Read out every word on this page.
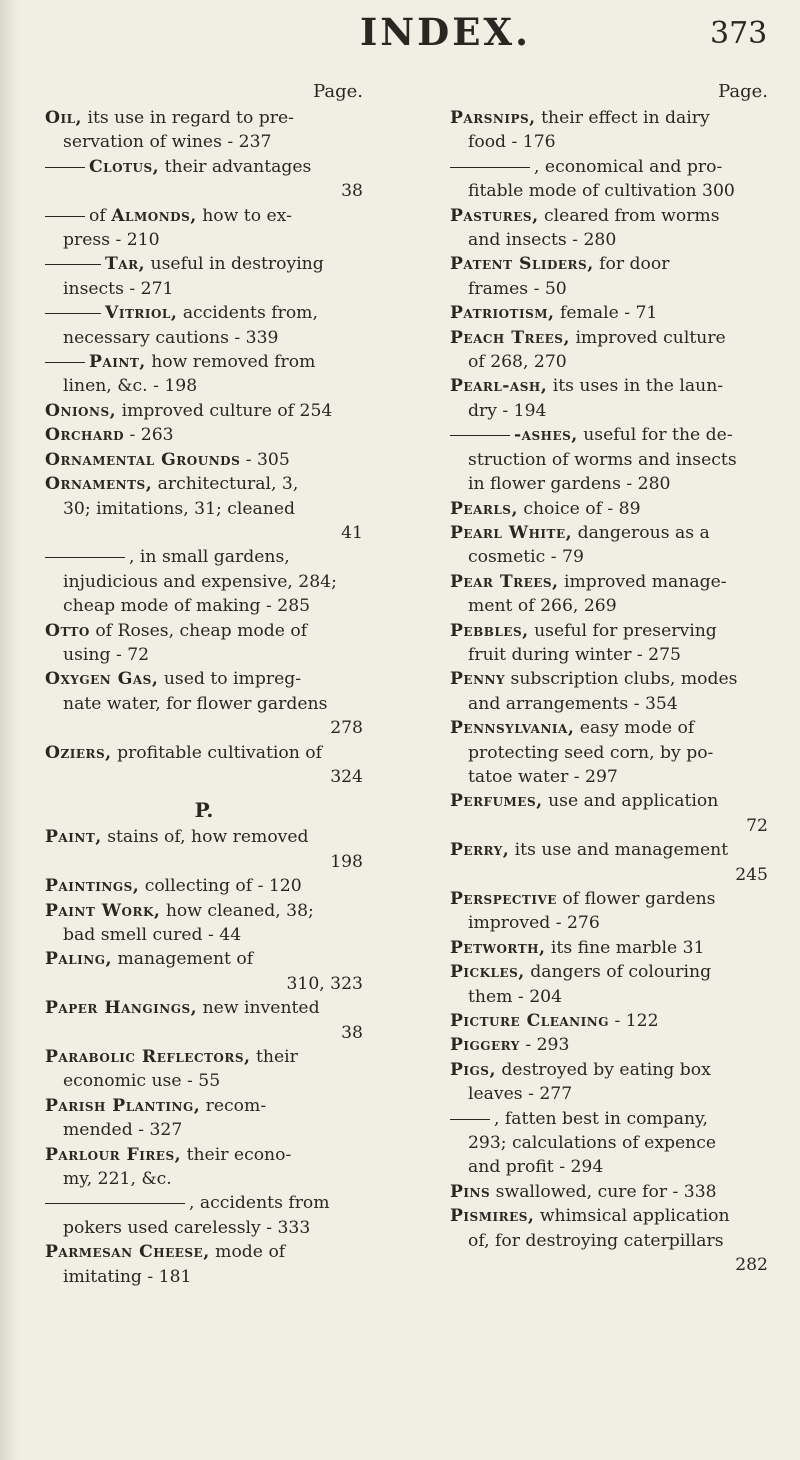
INDEX.	373
Page.
Oil, its use in regard to pre-
servation of wines - 237
Clotus, their advantages
38
of Almonds, how to ex-
press - 210
Tar, useful in destroying
insects - 271
Vitriol, accidents from,
necessary cautions - 339
Paint, how removed from
linen, &c. - 198
Onions, improved culture of 254
Orchard - 263
Ornamental Grounds - 305
Ornaments, architectural, 3,
30; imitations, 31; cleaned
41
, in small gardens,
injudicious and expensive, 284;
cheap mode of making - 285
Otto of Roses, cheap mode of
using - 72
Oxygen Gas, used to impreg-
nate water, for flower gardens
278
Oziers, profitable cultivation of
324
P.
Paint, stains of, how removed
198
Paintings, collecting of - 120
Paint Work, how cleaned, 38;
bad smell cured - 44
Paling, management of
310, 323
Paper Hangings, new invented
38
Parabolic Reflectors, their
economic use - 55
Parish Planting, recom-
mended - 327
Parlour Fires, their econo-
my, 221, &c.
, accidents from
pokers used carelessly - 333
Parmesan Cheese, mode of
imitating - 181
Page.
Parsnips, their effect in dairy
food - 176
, economical and pro-
fitable mode of cultivation 300
Pastures, cleared from worms
and insects - 280
Patent Sliders, for door
frames - 50
Patriotism, female - 71
Peach Trees, improved culture
of 268, 270
Pearl-ash, its uses in the laun-
dry - 194
-ashes, useful for the de-
struction of worms and insects
in flower gardens - 280
Pearls, choice of - 89
Pearl White, dangerous as a
cosmetic - 79
Pear Trees, improved manage-
ment of 266, 269
Pebbles, useful for preserving
fruit during winter - 275
Penny subscription clubs, modes
and arrangements - 354
Pennsylvania, easy mode of
protecting seed corn, by po-
tatoe water - 297
Perfumes, use and application
72
Perry, its use and management
245
Perspective of flower gardens
improved - 276
Petworth, its fine marble 31
Pickles, dangers of colouring
them - 204
Picture Cleaning - 122
Piggery - 293
Pigs, destroyed by eating box
leaves - 277
, fatten best in company,
293; calculations of expence
and profit - 294
Pins swallowed, cure for - 338
Pismires, whimsical application
of, for destroying caterpillars
282
